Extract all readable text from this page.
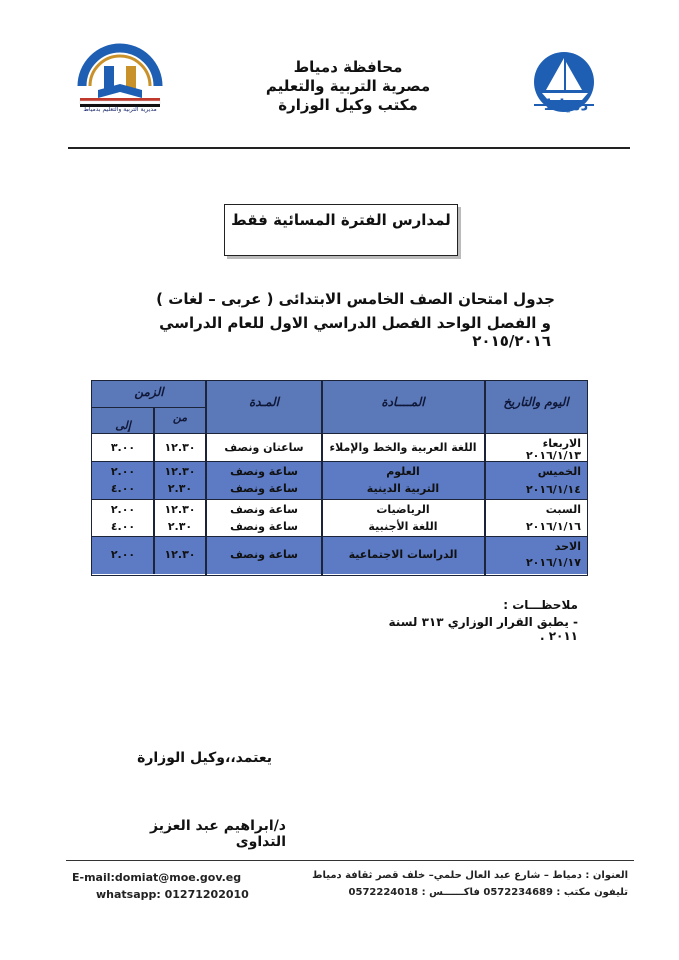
محافظة دمياط
مصرية التربية والتعليم
مكتب وكيل الوزارة
مديرية التربية والتعليم بدمياط	دمياط
لمدارس الفترة المسائية فقط
جدول امتحان الصف الخامس الابتدائى ( عربى – لغات )
و الفصل الواحد الفصل الدراسي الاول للعام الدراسي ٢٠١٥/٢٠١٦
اليوم والتاريخ
المــــادة
المـدة
الزمن
من
إلى
الاربعاء
٢٠١٦/١/١٣
اللغة العربية والخط والإملاء
ساعتان ونصف
١٢.٣٠
٣.٠٠
الخميس
٢٠١٦/١/١٤
العلوم
التربية الدينية
ساعة ونصف
ساعة ونصف
١٢.٣٠
٢.٣٠
٢.٠٠
٤.٠٠
السبت
٢٠١٦/١/١٦
الرياضيات
اللغة الأجنبية
ساعة ونصف
ساعة ونصف
١٢.٣٠
٢.٣٠
٢.٠٠
٤.٠٠
الاحد
٢٠١٦/١/١٧
الدراسات الاجتماعية
ساعة ونصف
١٢.٣٠
٢.٠٠
ملاحظـــات :
- يطبق القرار الوزاري ٣١٣ لسنة ٢٠١١ .
يعتمد،،وكيل الوزارة
د/ابراهيم عبد العزيز التداوى
E-mail:domiat@moe.gov.eg
whatsapp: 01271202010
العنوان : دمياط – شارع عبد العال حلمي– خلف قصر ثقافة دمياط
تليفون مكتب : 0572234689 فاكــــــس : 0572224018
